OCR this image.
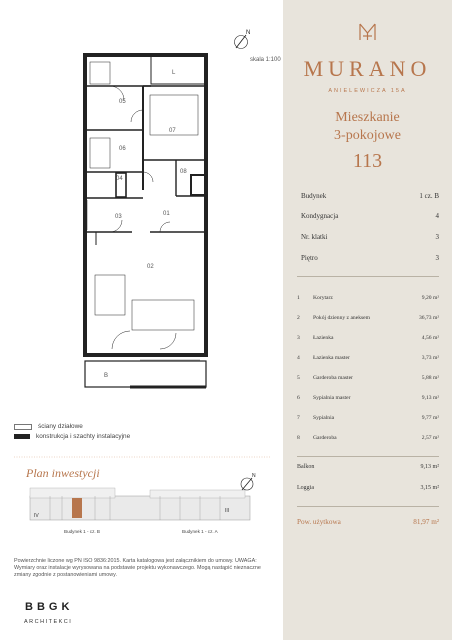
05
07
06
04
08
03	01
02
L
B
N
N
IV
III
skala 1:100
ściany działowe
konstrukcja i szachty instalacyjne
Plan inwestycji
Budynek 1 - cz. B	Budynek 1 - cz. A
Powierzchnie liczone wg PN ISO 9836:2015. Karta katalogowa jest załącznikiem do umowy. UWAGA: Wymiary oraz instalacje wyrysowana na podstawie projektu wykonawczego. Mogą nastąpić nieznaczne zmiany zgodnie z postanowieniami umowy.
BBGK
ARCHITEKCI
MURANO
ANIELEWICZA 15A
Mieszkanie
3-pokojowe
113
Budynek	1 cz. B
Kondygnacja	4
Nr. klatki	3
Piętro	3
1	Korytarz	9,20 m²
2	Pokój dzienny z aneksem	36,73 m²
3	Łazienka	4,56 m²
4	Łazienka master	3,73 m²
5	Garderoba master	5,88 m²
6	Sypialnia master	9,13 m²
7	Sypialnia	9,77 m²
8	Garderoba	2,57 m²
Balkon	9,13 m²
Loggia	3,15 m²
Pow. użytkowa	81,97 m²
